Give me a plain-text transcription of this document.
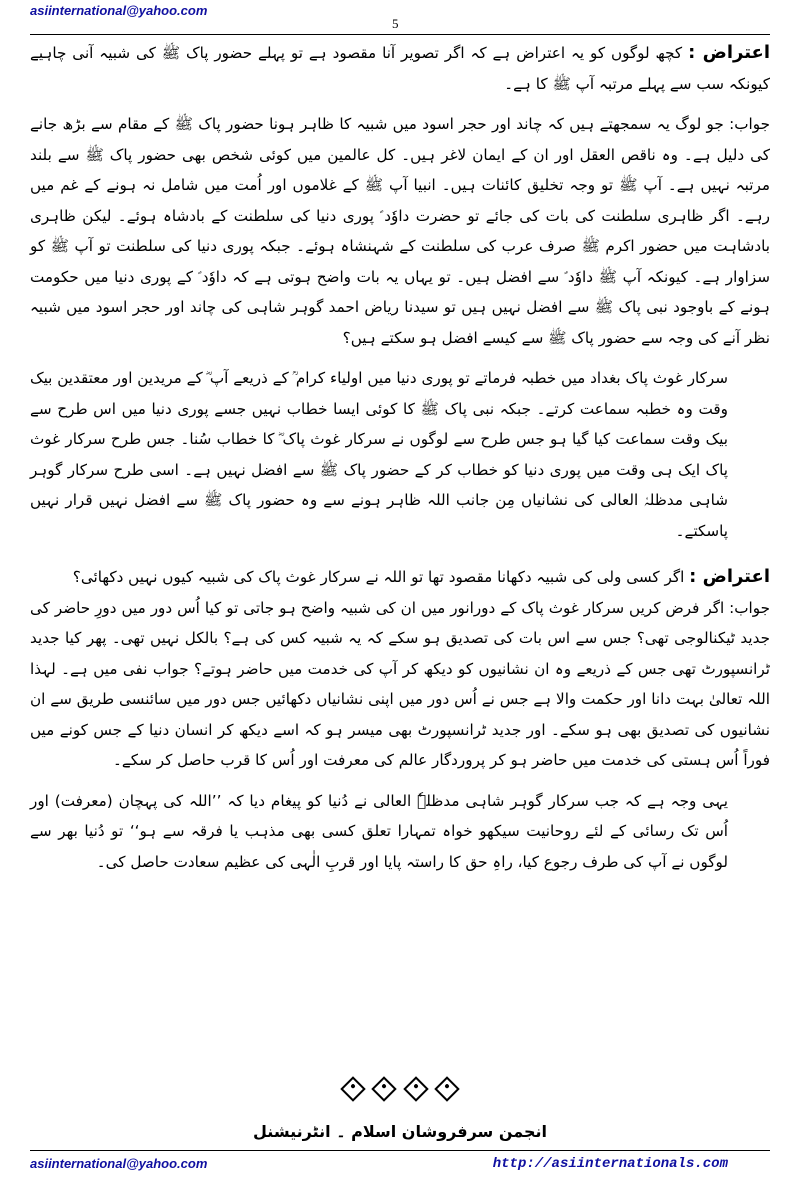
asiinternational@yahoo.com
5

اعتراض : کچھ لوگوں کو یہ اعتراض ہے کہ اگر تصویر آنا مقصود ہے تو پہلے حضور پاک ﷺ کی شبیہ آنی چاہیے کیونکہ سب سے پہلے مرتبہ آپ ﷺ کا ہے۔

جواب: جو لوگ یہ سمجھتے ہیں کہ چاند اور حجر اسود میں شبیہ کا ظاہر ہونا حضور پاک ﷺ کے مقام سے بڑھ جانے کی دلیل ہے۔ وہ ناقص العقل اور ان کے ایمان لاغر ہیں۔ کل عالمین میں کوئی شخص بھی حضور پاک ﷺ سے بلند مرتبہ نہیں ہے۔ آپ ﷺ تو وجہ تخلیق کائنات ہیں۔ انبیا آپ ﷺ کے غلاموں اور اُمت میں شامل نہ ہونے کے غم میں رہے۔ اگر ظاہری سلطنت کی بات کی جائے تو حضرت داوٗد ؑ پوری دنیا کی سلطنت کے بادشاہ ہوئے۔ لیکن ظاہری بادشاہت میں حضور اکرم ﷺ صرف عرب کی سلطنت کے شہنشاہ ہوئے۔ جبکہ پوری دنیا کی سلطنت تو آپ ﷺ کو سزاوار ہے۔ کیونکہ آپ ﷺ داوٗد ؑ سے افضل ہیں۔ تو یہاں یہ بات واضح ہوتی ہے کہ داوٗد ؑ کے پوری دنیا میں حکومت ہونے کے باوجود نبی پاک ﷺ سے افضل نہیں ہیں تو سیدنا ریاض احمد گوہر شاہی کی چاند اور حجر اسود میں شبیہ نظر آنے کی وجہ سے حضور پاک ﷺ سے کیسے افضل ہو سکتے ہیں؟

سرکار غوث پاک بغداد میں خطبہ فرماتے تو پوری دنیا میں اولیاء کرام ؒ کے ذریعے آپ ؓ کے مریدین اور معتقدین بیک وقت وہ خطبہ سماعت کرتے۔ جبکہ نبی پاک ﷺ کا کوئی ایسا خطاب نہیں جسے پوری دنیا میں اس طرح سے بیک وقت سماعت کیا گیا ہو جس طرح سے لوگوں نے سرکار غوث پاک ؓ کا خطاب سُنا۔ جس طرح سرکار غوث پاک ایک ہی وقت میں پوری دنیا کو خطاب کر کے حضور پاک ﷺ سے افضل نہیں ہے۔ اسی طرح سرکار گوہر شاہی مدظلہٗ العالی کی نشانیاں مِن جانب اللہ ظاہر ہونے سے وہ حضور پاک ﷺ سے افضل نہیں قرار نہیں پاسکتے۔

اعتراض : اگر کسی ولی کی شبیہ دکھانا مقصود تھا تو اللہ نے سرکار غوث پاک کی شبیہ کیوں نہیں دکھائی؟

جواب: اگر فرض کریں سرکار غوث پاک کے دورانور میں ان کی شبیہ واضح ہو جاتی تو کیا اُس دور میں دورِ حاضر کی جدید ٹیکنالوجی تھی؟ جس سے اس بات کی تصدیق ہو سکے کہ یہ شبیہ کس کی ہے؟ بالکل نہیں تھی۔ پھر کیا جدید ٹرانسپورٹ تھی جس کے ذریعے وہ ان نشانیوں کو دیکھ کر آپ کی خدمت میں حاضر ہوتے؟ جواب نفی میں ہے۔ لہذا اللہ تعالیٰ بہت دانا اور حکمت والا ہے جس نے اُس دور میں اپنی نشانیاں دکھائیں جس دور میں سائنسی طریق سے ان نشانیوں کی تصدیق بھی ہو سکے۔ اور جدید ٹرانسپورٹ بھی میسر ہو کہ اسے دیکھ کر انسان دنیا کے جس کونے میں فوراً اُس ہستی کی خدمت میں حاضر ہو کر پروردگار عالم کی معرفت اور اُس کا قرب حاصل کر سکے۔

یہی وجہ ہے کہ جب سرکار گوہر شاہی مدظلہٗ العالی نے دُنیا کو پیغام دیا کہ ’’اللہ کی پہچان (معرفت) اور اُس تک رسائی کے لئے روحانیت سیکھو خواہ تمہارا تعلق کسی بھی مذہب یا فرقہ سے ہو‘‘ تو دُنیا بھر سے لوگوں نے آپ کی طرف رجوع کیا، راہِ حق کا راستہ پایا اور قربِ الٰہی کی عظیم سعادت حاصل کی۔

انجمن سرفروشان اسلام ۔ انٹرنیشنل
asiinternational@yahoo.com	http://asiinternationals.com
